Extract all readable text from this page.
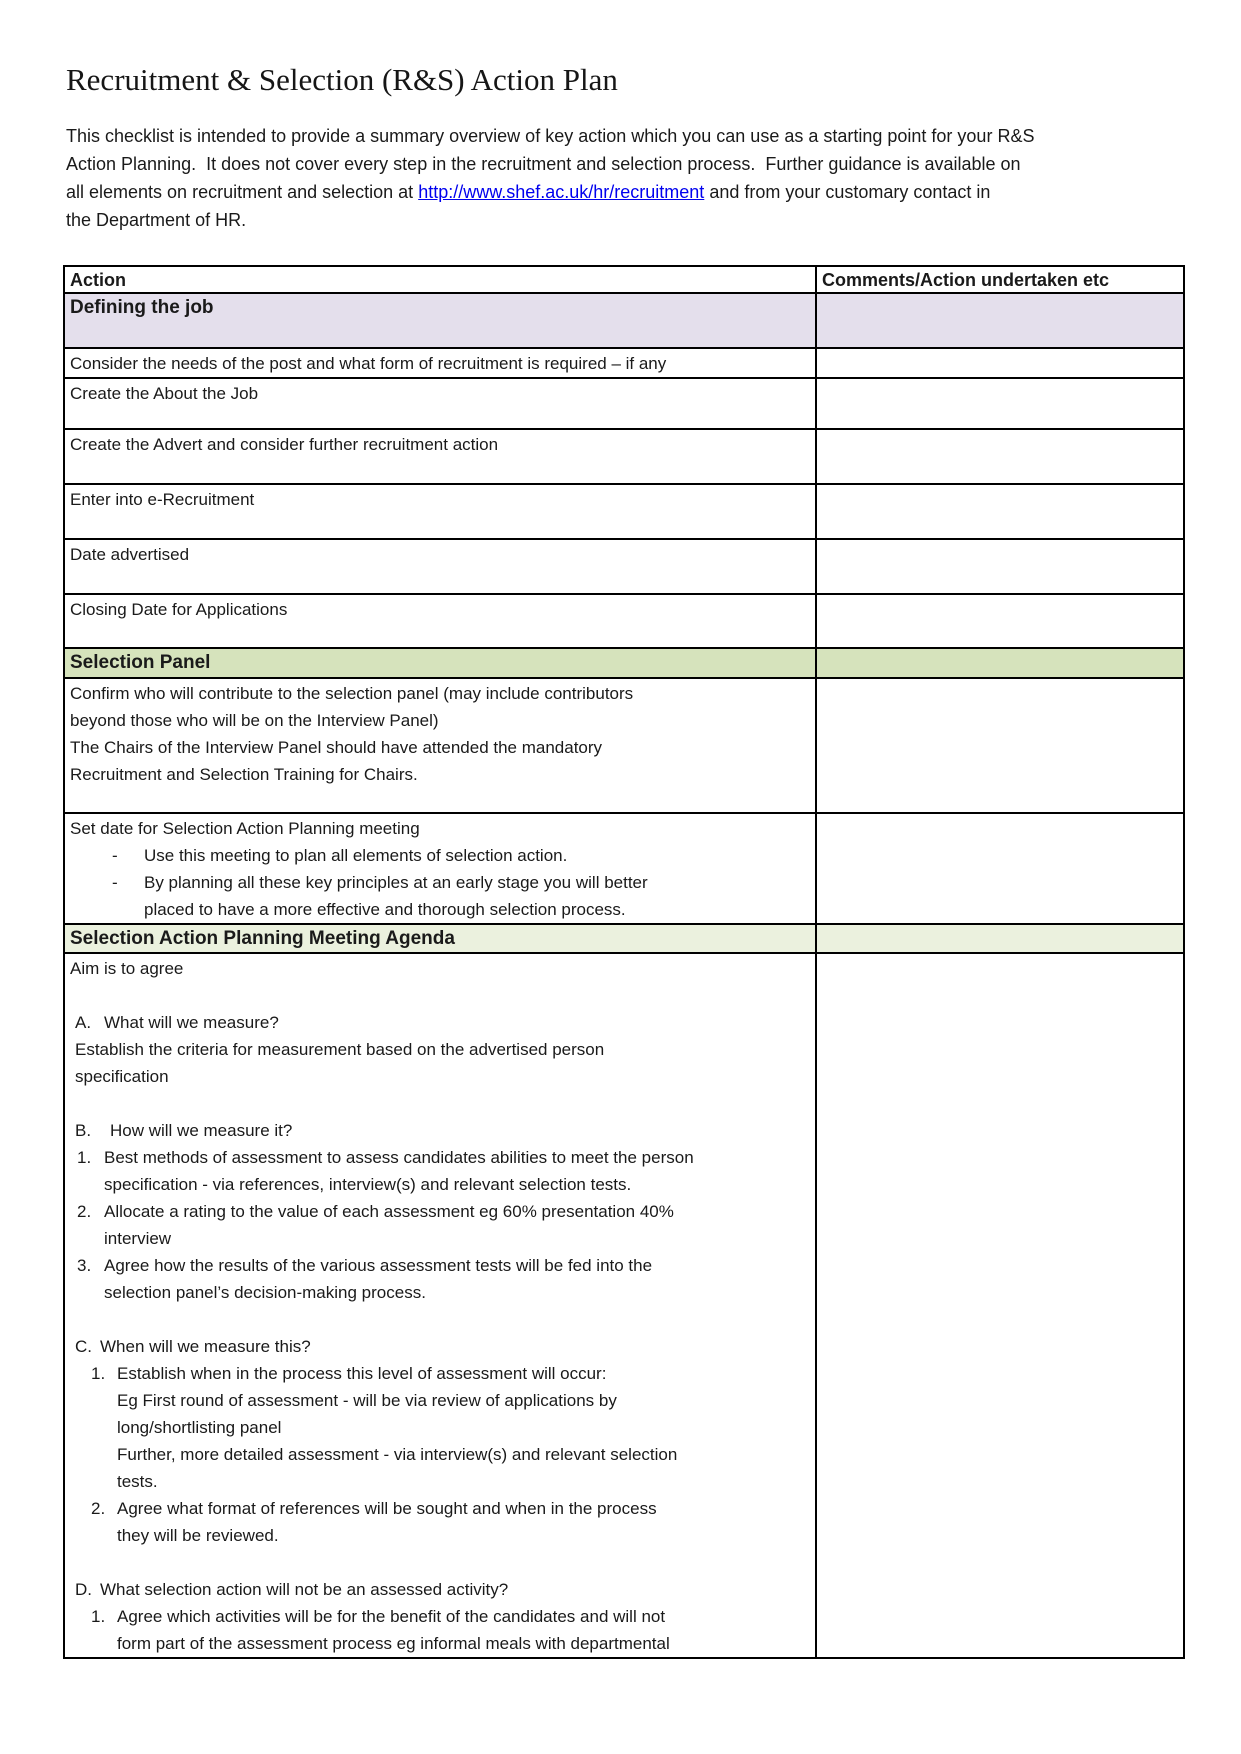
Recruitment & Selection (R&S) Action Plan
This checklist is intended to provide a summary overview of key action which you can use as a starting point for your R&S
Action Planning.  It does not cover every step in the recruitment and selection process.  Further guidance is available on
all elements on recruitment and selection at http://www.shef.ac.uk/hr/recruitment and from your customary contact in
the Department of HR.
Action	Comments/Action undertaken etc

Defining the job	

Consider the needs of the post and what form of recruitment is required – if any	

Create the About the Job	

Create the Advert and consider further recruitment action	

Enter into e-Recruitment	

Date advertised	

Closing Date for Applications	

Selection Panel	

Confirm who will contribute to the selection panel (may include contributors
beyond those who will be on the Interview Panel)
The Chairs of the Interview Panel should have attended the mandatory
Recruitment and Selection Training for Chairs.	

Set date for Selection Action Planning meeting
-	Use this meeting to plan all elements of selection action.
-	By planning all these key principles at an early stage you will better
placed to have a more effective and thorough selection process.

Selection Action Planning Meeting Agenda	

Aim is to agree
A. What will we measure?
Establish the criteria for measurement based on the advertised person
specification
B.	How will we measure it?
1. Best methods of assessment to assess candidates abilities to meet the person
specification - via references, interview(s) and relevant selection tests.
2. Allocate a rating to the value of each assessment eg 60% presentation 40%
interview
3. Agree how the results of the various assessment tests will be fed into the
selection panel’s decision-making process.
C. When will we measure this?
1. Establish when in the process this level of assessment will occur:
Eg First round of assessment - will be via review of applications by
long/shortlisting panel
Further, more detailed assessment - via interview(s) and relevant selection
tests.
2. Agree what format of references will be sought and when in the process
they will be reviewed.
D. What selection action will not be an assessed activity?
1. Agree which activities will be for the benefit of the candidates and will not
form part of the assessment process eg informal meals with departmental
